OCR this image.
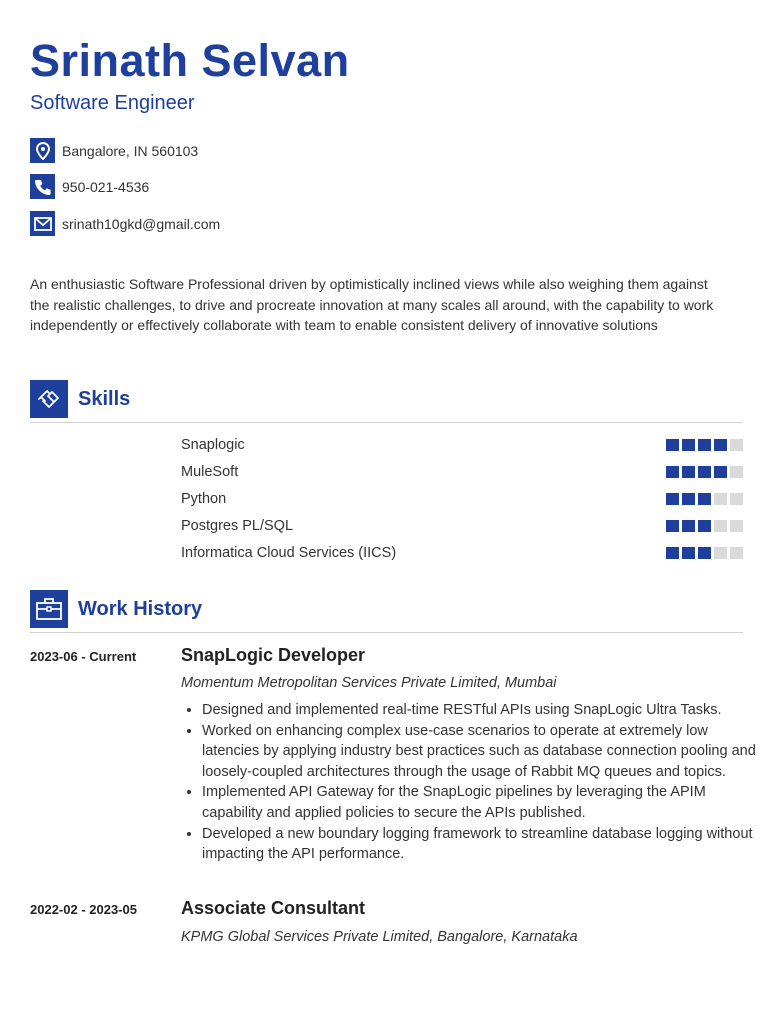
Srinath Selvan
Software Engineer
Bangalore, IN 560103
950-021-4536
srinath10gkd@gmail.com

An enthusiastic Software Professional driven by optimistically inclined views while also weighing them against the realistic challenges, to drive and procreate innovation at many scales all around, with the capability to work independently or effectively collaborate with team to enable consistent delivery of innovative solutions

Skills
Snaplogic
MuleSoft
Python
Postgres PL/SQL
Informatica Cloud Services (IICS)
Work History
2023-06 - Current SnapLogic Developer
Momentum Metropolitan Services Private Limited, Mumbai
• Designed and implemented real-time RESTful APIs using SnapLogic Ultra Tasks.
• Worked on enhancing complex use-case scenarios to operate at extremely low latencies by applying industry best practices such as database connection pooling and loosely-coupled architectures through the usage of Rabbit MQ queues and topics.
• Implemented API Gateway for the SnapLogic pipelines by leveraging the APIM capability and applied policies to secure the APIs published.
• Developed a new boundary logging framework to streamline database logging without impacting the API performance.
2022-02 - 2023-05 Associate Consultant
KPMG Global Services Private Limited, Bangalore, Karnataka
